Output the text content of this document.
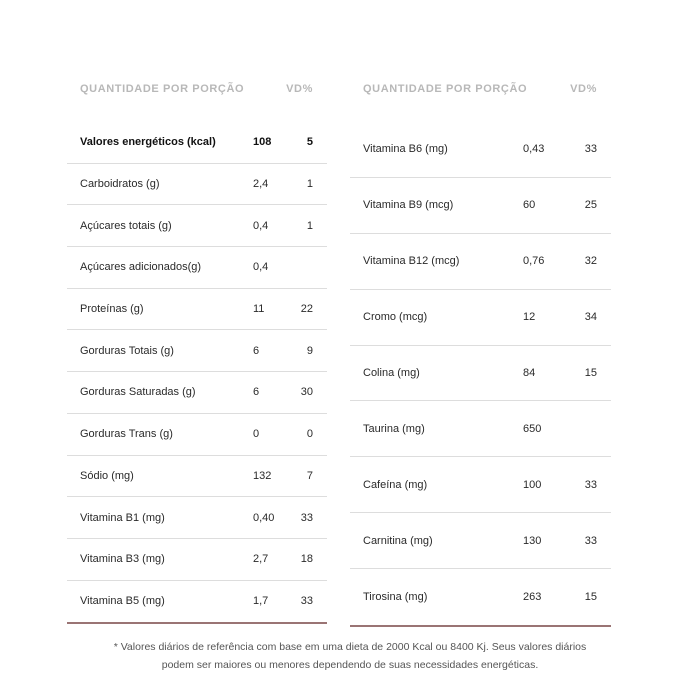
QUANTIDADE POR PORÇÃO	VD%
Valores energéticos (kcal)	108	5
Carboidratos (g)	2,4	1
Açúcares totais (g)	0,4	1
Açúcares adicionados(g)	0,4
Proteínas (g)	11	22
Gorduras Totais (g)	6	9
Gorduras Saturadas (g)	6	30
Gorduras Trans (g)	0	0
Sódio (mg)	132	7
Vitamina B1 (mg)	0,40	33
Vitamina B3 (mg)	2,7	18
Vitamina B5 (mg)	1,7	33
QUANTIDADE POR PORÇÃO	VD%
Vitamina B6 (mg)	0,43	33
Vitamina B9 (mcg)	60	25
Vitamina B12 (mcg)	0,76	32
Cromo (mcg)	12	34
Colina (mg)	84	15
Taurina (mg)	650
Cafeína (mg)	100	33
Carnitina (mg)	130	33
Tirosina (mg)	263	15
* Valores diários de referência com base em uma dieta de 2000 Kcal ou 8400 Kj. Seus valores diários
podem ser maiores ou menores dependendo de suas necessidades energéticas.
